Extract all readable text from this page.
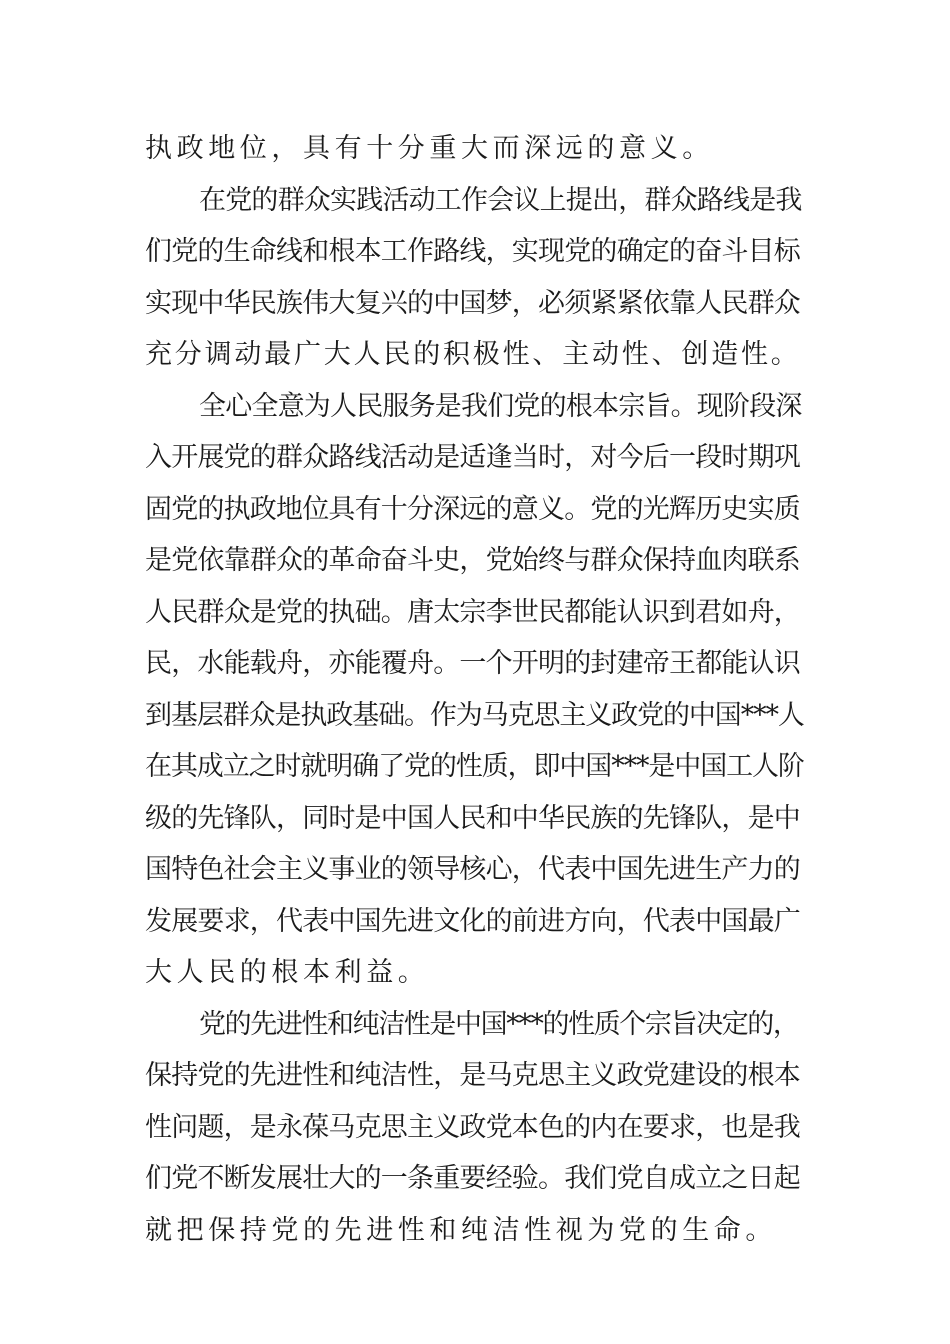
执政地位，具有十分重大而深远的意义。
在党的群众实践活动工作会议上提出，群众路线是我
们党的生命线和根本工作路线，实现党的确定的奋斗目标
实现中华民族伟大复兴的中国梦，必须紧紧依靠人民群众
充分调动最广大人民的积极性、主动性、创造性。
全心全意为人民服务是我们党的根本宗旨。现阶段深
入开展党的群众路线活动是适逢当时，对今后一段时期巩
固党的执政地位具有十分深远的意义。党的光辉历史实质
是党依靠群众的革命奋斗史，党始终与群众保持血肉联系
人民群众是党的执础。唐太宗李世民都能认识到君如舟，
民，水能载舟，亦能覆舟。一个开明的封建帝王都能认识
到基层群众是执政基础。作为马克思主义政党的中国***人
在其成立之时就明确了党的性质，即中国***是中国工人阶
级的先锋队，同时是中国人民和中华民族的先锋队，是中
国特色社会主义事业的领导核心，代表中国先进生产力的
发展要求，代表中国先进文化的前进方向，代表中国最广
大人民的根本利益。
党的先进性和纯洁性是中国***的性质个宗旨决定的，
保持党的先进性和纯洁性，是马克思主义政党建设的根本
性问题，是永葆马克思主义政党本色的内在要求，也是我
们党不断发展壮大的一条重要经验。我们党自成立之日起
就把保持党的先进性和纯洁性视为党的生命。
